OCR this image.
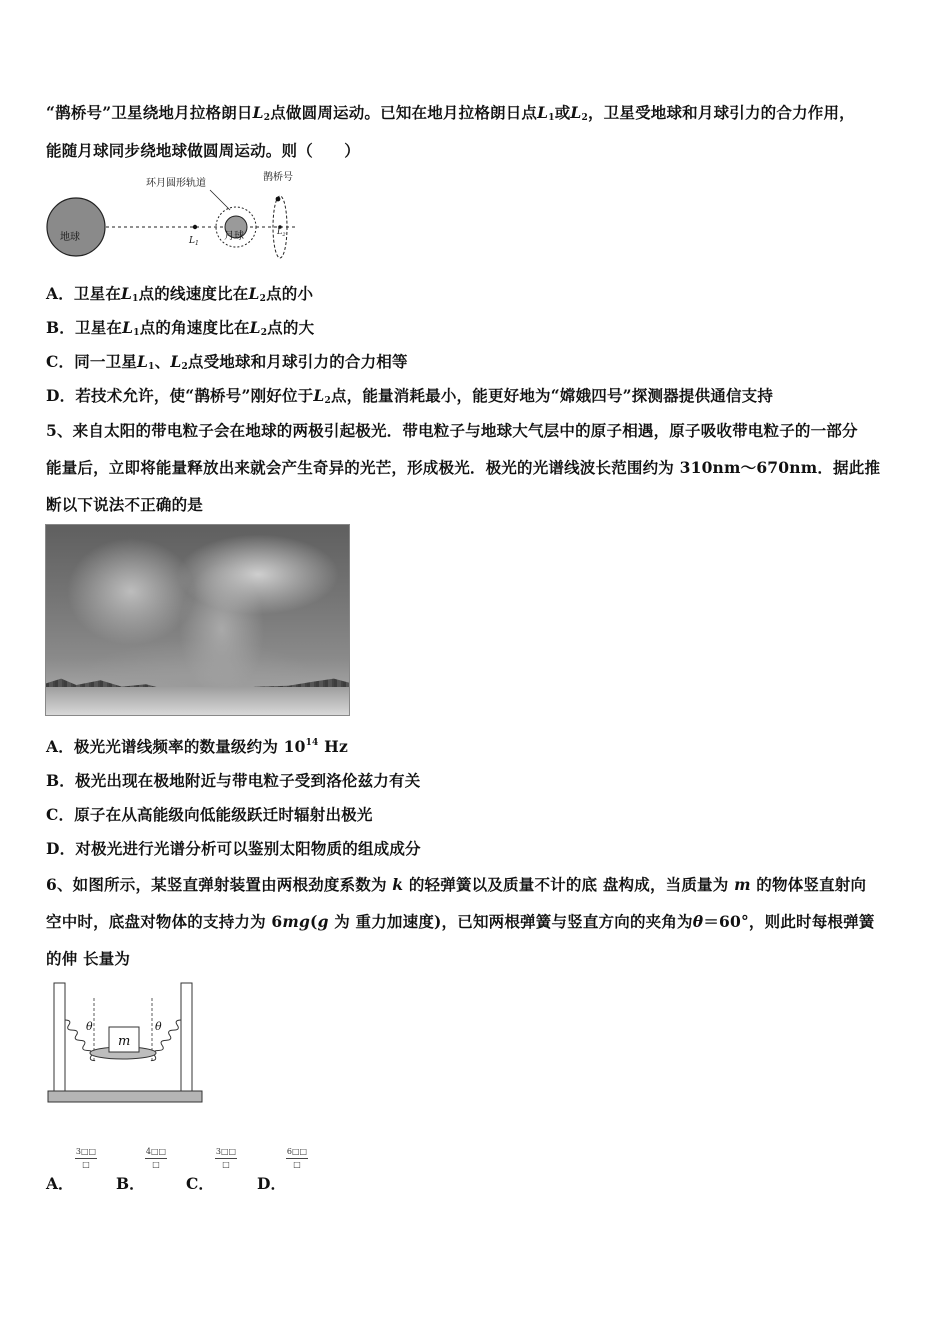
“鹊桥号”卫星绕地月拉格朗日$L_2$点做圆周运动。已知在地月拉格朗日点$L_1$或$L_2$，卫星受地球和月球引力的合力作用，
能随月球同步绕地球做圆周运动。则（　　）
地球	$L_1$
月球
环月圆形轨道
$L_2$
鹊桥号
A．卫星在$L_1$点的线速度比在$L_2$点的小
B．卫星在$L_1$点的角速度比在$L_2$点的大
C．同一卫星$L_1$、$L_2$点受地球和月球引力的合力相等
D．若技术允许，使“鹊桥号”刚好位于$L_2$点，能量消耗最小，能更好地为“嫦娥四号”探测器提供通信支持
5、来自太阳的带电粒子会在地球的两极引起极光．带电粒子与地球大气层中的原子相遇，原子吸收带电粒子的一部分
能量后，立即将能量释放出来就会产生奇异的光芒，形成极光．极光的光谱线波长范围约为 310nm～670nm．据此推
断以下说法不正确的是
A．极光光谱线频率的数量级约为 $10^{14}$ Hz
B．极光出现在极地附近与带电粒子受到洛伦兹力有关
C．原子在从高能级向低能级跃迁时辐射出极光
D．对极光进行光谱分析可以鉴别太阳物质的组成成分
6、如图所示，某竖直弹射装置由两根劲度系数为 k 的轻弹簧以及质量不计的底 盘构成，当质量为 m 的物体竖直射向
空中时，底盘对物体的支持力为 6mg(g 为 重力加速度)，已知两根弹簧与竖直方向的夹角为θ＝60°，则此时每根弹簧
的伸 长量为
m
θ	θ
3□□
□
A．
4□□
□
B．
3□□
□
C．
6□□
□
D．
